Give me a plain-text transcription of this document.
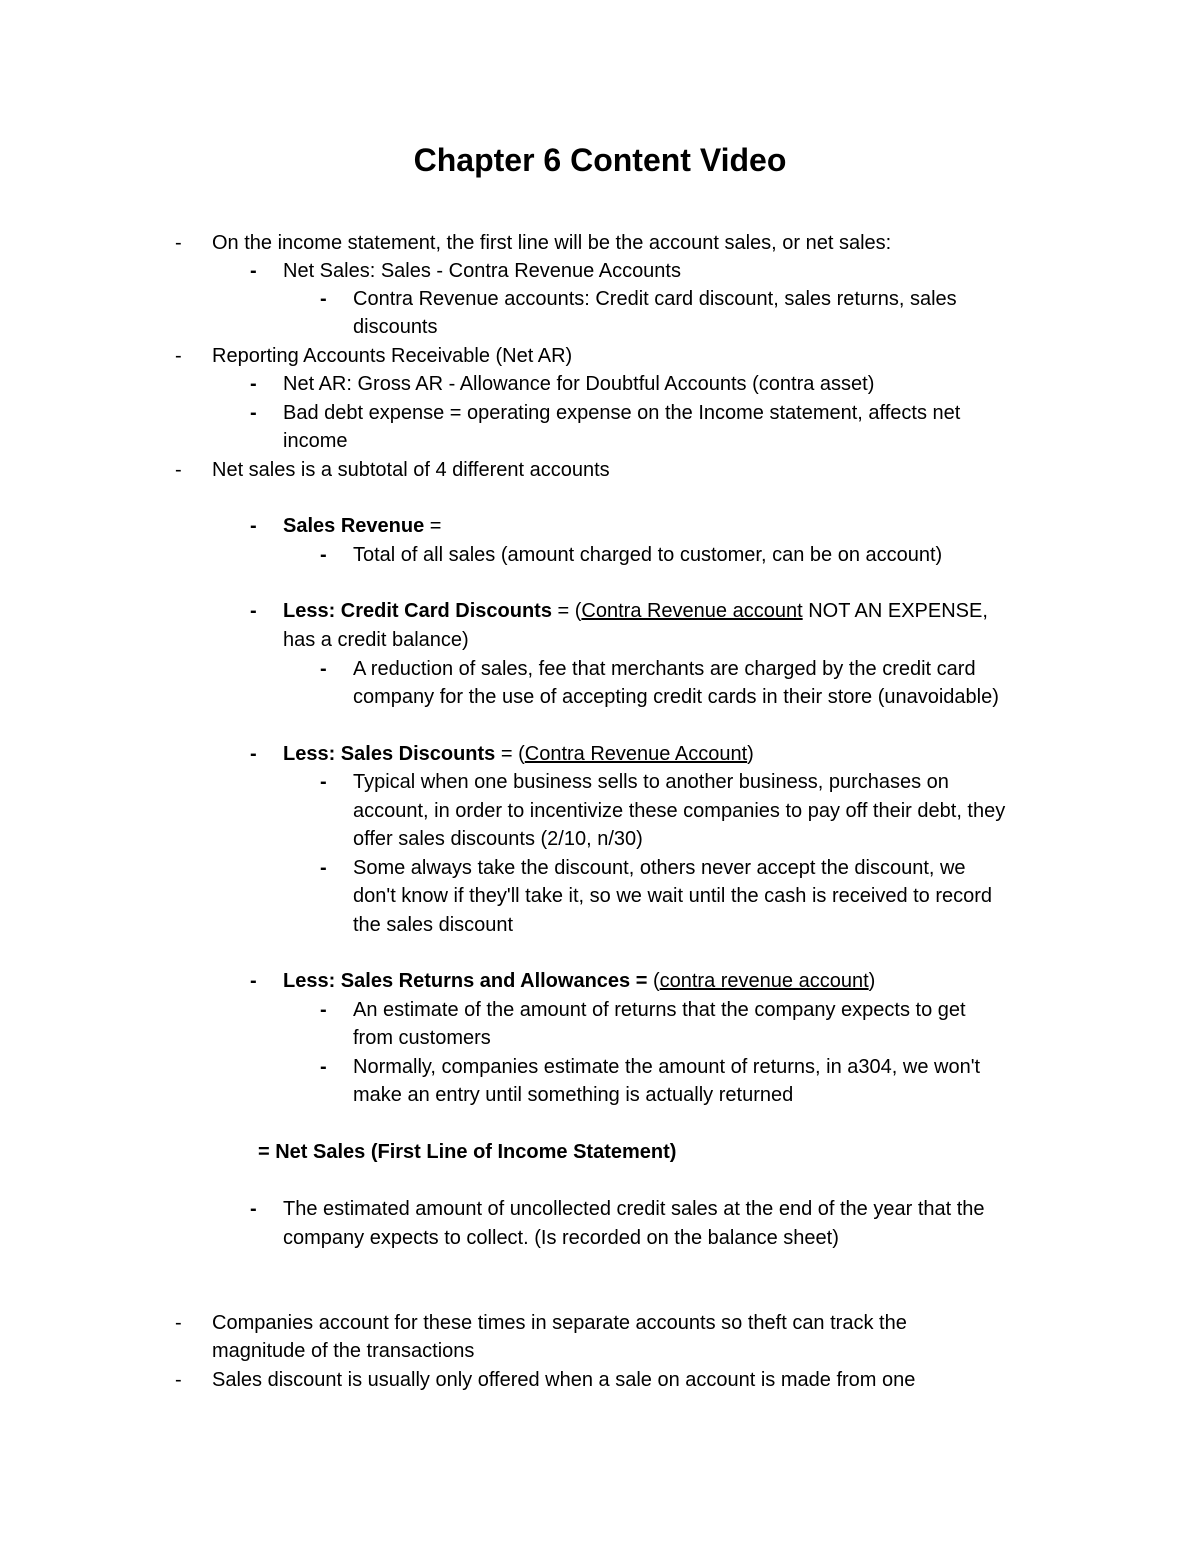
Chapter 6 Content Video
- On the income statement, the first line will be the account sales, or net sales:
- Net Sales: Sales - Contra Revenue Accounts
- Contra Revenue accounts: Credit card discount, sales returns, sales
discounts
- Reporting Accounts Receivable (Net AR)
- Net AR: Gross AR - Allowance for Doubtful Accounts (contra asset)
- Bad debt expense = operating expense on the Income statement, affects net
income
- Net sales is a subtotal of 4 different accounts
- Sales Revenue =
- Total of all sales (amount charged to customer, can be on account)
- Less: Credit Card Discounts = (Contra Revenue account NOT AN EXPENSE,
has a credit balance)
- A reduction of sales, fee that merchants are charged by the credit card
company for the use of accepting credit cards in their store (unavoidable)
- Less: Sales Discounts = (Contra Revenue Account)
- Typical when one business sells to another business, purchases on
account, in order to incentivize these companies to pay off their debt, they
offer sales discounts (2/10, n/30)
- Some always take the discount, others never accept the discount, we
don't know if they'll take it, so we wait until the cash is received to record
the sales discount
- Less: Sales Returns and Allowances = (contra revenue account)
- An estimate of the amount of returns that the company expects to get
from customers
- Normally, companies estimate the amount of returns, in a304, we won't
make an entry until something is actually returned
= Net Sales (First Line of Income Statement)
- The estimated amount of uncollected credit sales at the end of the year that the
company expects to collect. (Is recorded on the balance sheet)
- Companies account for these times in separate accounts so theft can track the
magnitude of the transactions
- Sales discount is usually only offered when a sale on account is made from one
